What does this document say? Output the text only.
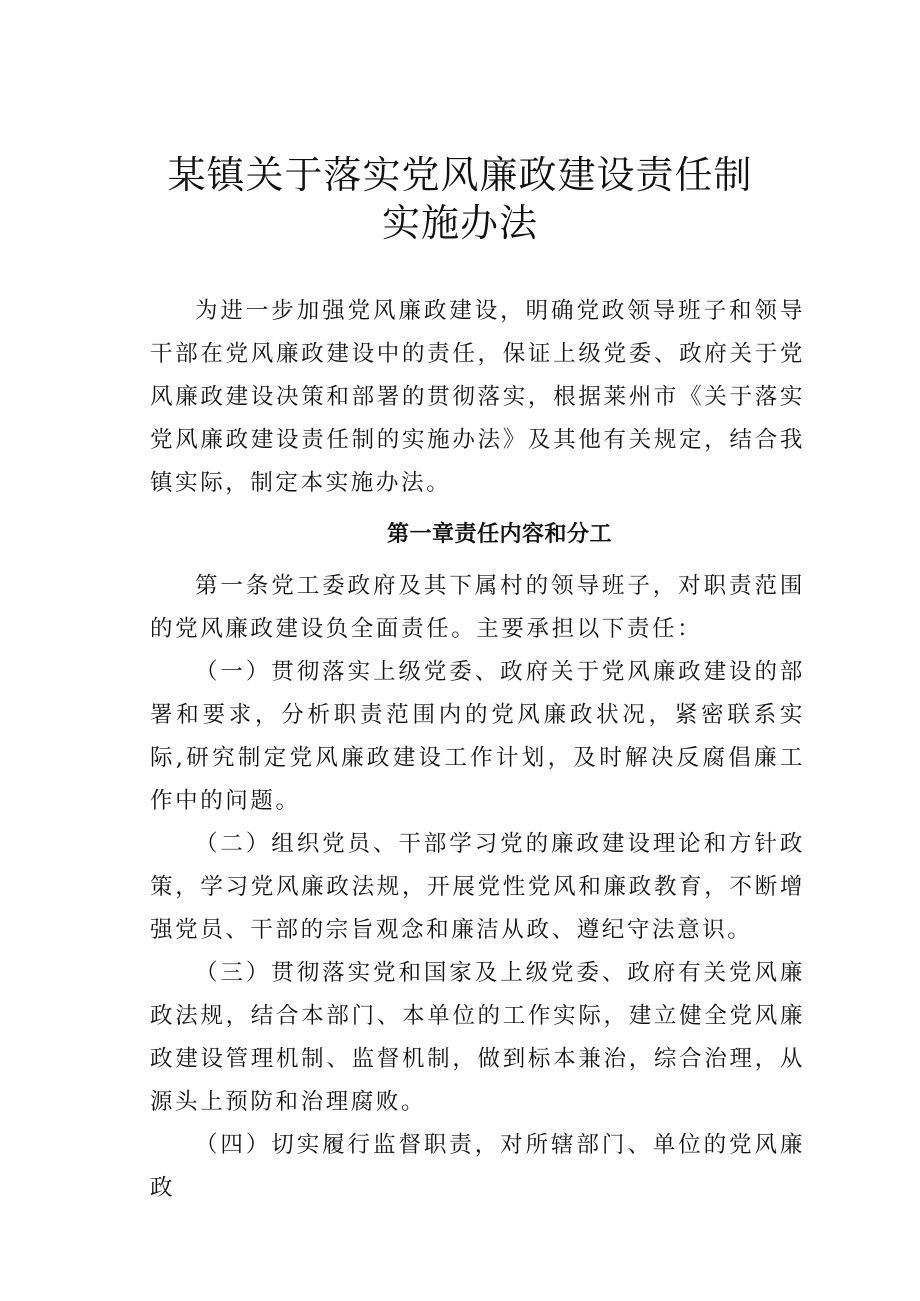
某镇关于落实党风廉政建设责任制
实施办法

为进一步加强党风廉政建设，明确党政领导班子和领导干部在党风廉政建设中的责任，保证上级党委、政府关于党风廉政建设决策和部署的贯彻落实，根据莱州市《关于落实党风廉政建设责任制的实施办法》及其他有关规定，结合我镇实际，制定本实施办法。

第一章责任内容和分工

第一条党工委政府及其下属村的领导班子，对职责范围的党风廉政建设负全面责任。主要承担以下责任：

（一）贯彻落实上级党委、政府关于党风廉政建设的部署和要求，分析职责范围内的党风廉政状况，紧密联系实际,研究制定党风廉政建设工作计划，及时解决反腐倡廉工作中的问题。

（二）组织党员、干部学习党的廉政建设理论和方针政策，学习党风廉政法规，开展党性党风和廉政教育，不断增强党员、干部的宗旨观念和廉洁从政、遵纪守法意识。

（三）贯彻落实党和国家及上级党委、政府有关党风廉政法规，结合本部门、本单位的工作实际，建立健全党风廉政建设管理机制、监督机制，做到标本兼治，综合治理，从源头上预防和治理腐败。

（四）切实履行监督职责，对所辖部门、单位的党风廉政
